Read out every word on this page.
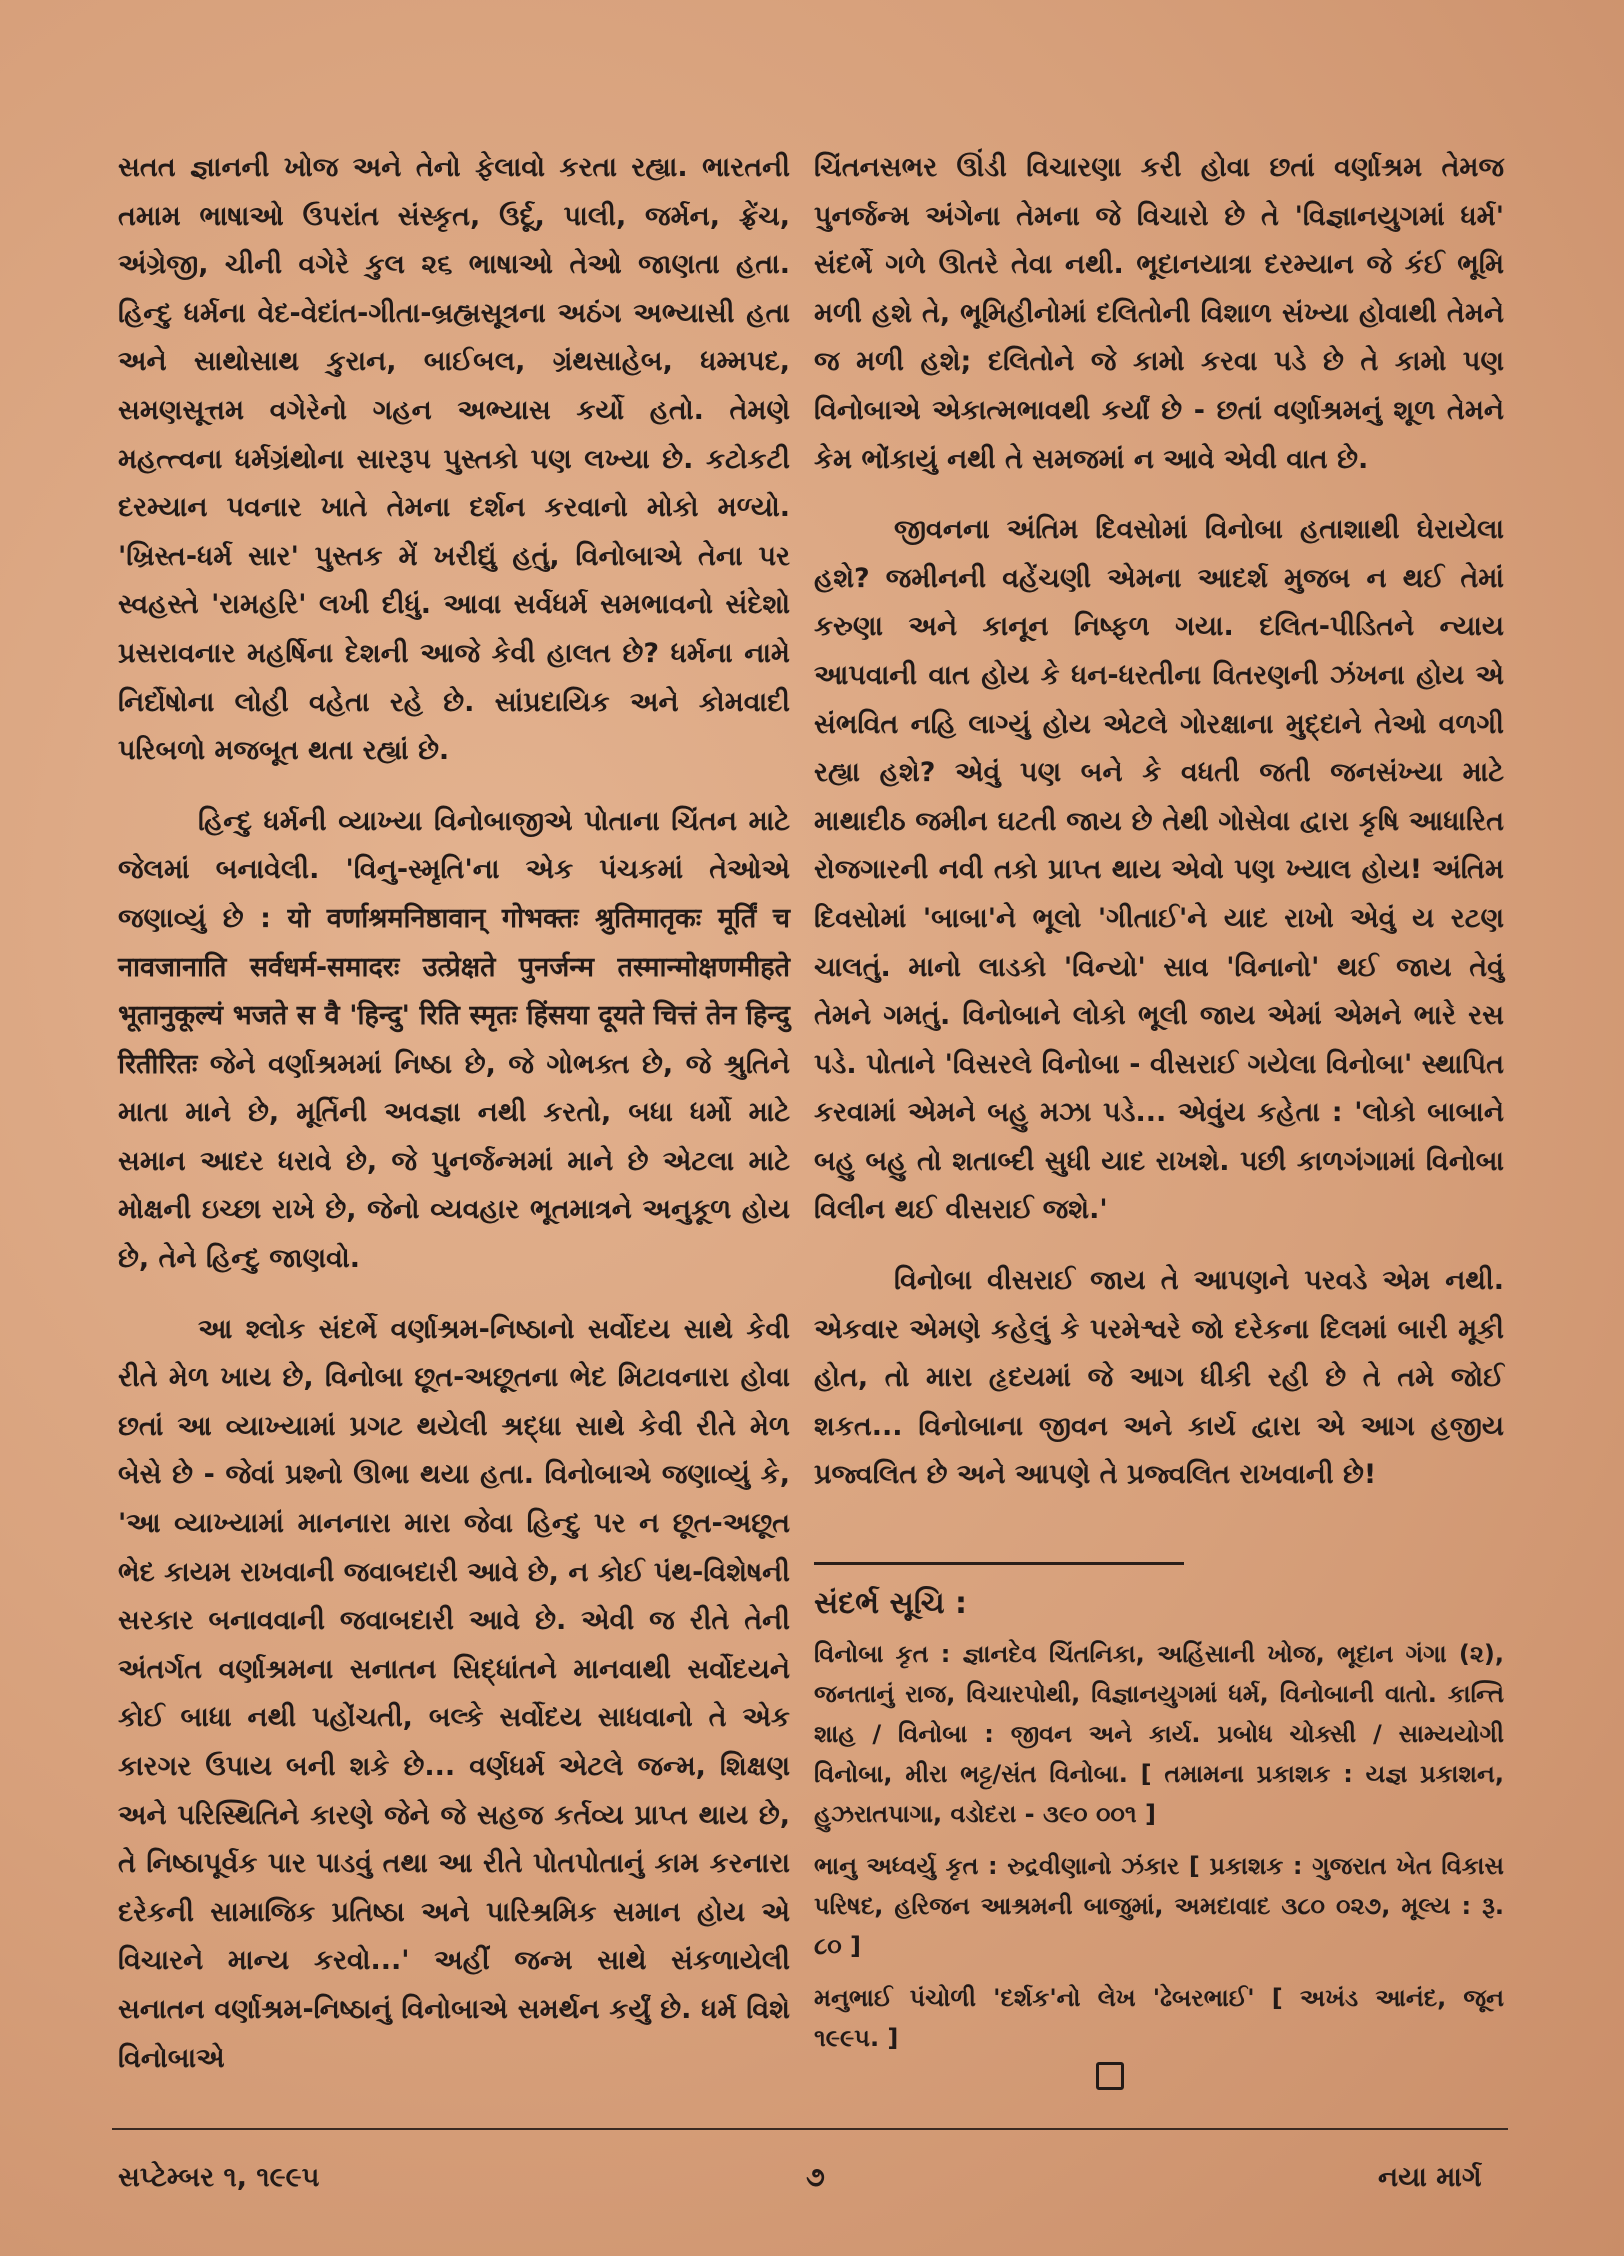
સતત જ્ઞાનની ખોજ અને તેનો ફેલાવો કરતા રહ્યા. ભારતની તમામ ભાષાઓ ઉપરાંત સંસ્કૃત, ઉર્દૂ, પાલી, જર્મન, ફ્રેંચ, અંગ્રેજી, ચીની વગેરે કુલ ૨૬ ભાષાઓ તેઓ જાણતા હતા. હિન્દુ ધર્મના વેદ-વેદાંત-ગીતા-બ્રહ્મસૂત્રના અઠંગ અભ્યાસી હતા અને સાથોસાથ કુરાન, બાઈબલ, ગ્રંથસાહેબ, ધમ્મપદ, સમણસૂત્તમ વગેરેનો ગહન અભ્યાસ કર્યો હતો. તેમણે મહત્ત્વના ધર્મગ્રંથોના સારરૂપ પુસ્તકો પણ લખ્યા છે. કટોકટી દરમ્યાન પવનાર ખાતે તેમના દર્શન કરવાનો મોકો મળ્યો. 'ખ્રિસ્ત-ધર્મ સાર' પુસ્તક મેં ખરીદ્યું હતું, વિનોબાએ તેના પર સ્વહસ્તે 'રામહરિ' લખી દીધું. આવા સર્વધર્મ સમભાવનો સંદેશો પ્રસરાવનાર મહર્ષિના દેશની આજે કેવી હાલત છે? ધર્મના નામે નિર્દોષોના લોહી વહેતા રહે છે. સાંપ્રદાયિક અને કોમવાદી પરિબળો મજબૂત થતા રહ્યાં છે.

હિન્દુ ધર્મની વ્યાખ્યા વિનોબાજીએ પોતાના ચિંતન માટે જેલમાં બનાવેલી. 'વિનુ-સ્મૃતિ'ના એક પંચકમાં તેઓએ જણાવ્યું છે : यो वर्णाश्रमनिष्ठावान् गोभक्तः श्रुतिमातृकः मूर्तिं च नावजानाति सर्वधर्म-समादरः उत्प्रेक्षते पुनर्जन्म तस्मान्मोक्षणमीहते भूतानुकूल्यं भजते स वै 'हिन्दु' रिति स्मृतः हिंसया दूयते चित्तं तेन हिन्दु रितीरितः જેને વર્ણાશ્રમમાં નિષ્ઠા છે, જે ગોભક્ત છે, જે શ્રુતિને માતા માને છે, મૂર્તિની અવજ્ઞા નથી કરતો, બધા ધર્મો માટે સમાન આદર ધરાવે છે, જે પુનર્જન્મમાં માને છે એટલા માટે મોક્ષની ઇચ્છા રાખે છે, જેનો વ્યવહાર ભૂતમાત્રને અનુકૂળ હોય છે, તેને હિન્દુ જાણવો.

આ શ્લોક સંદર્ભે વર્ણાશ્રમ-નિષ્ઠાનો સર્વોદય સાથે કેવી રીતે મેળ ખાય છે, વિનોબા છૂત-અછૂતના ભેદ મિટાવનારા હોવા છતાં આ વ્યાખ્યામાં પ્રગટ થયેલી શ્રદ્ધા સાથે કેવી રીતે મેળ બેસે છે - જેવાં પ્રશ્નો ઊભા થયા હતા. વિનોબાએ જણાવ્યું કે, 'આ વ્યાખ્યામાં માનનારા મારા જેવા હિન્દુ પર ન છૂત-અછૂત ભેદ કાયમ રાખવાની જવાબદારી આવે છે, ન કોઈ પંથ-વિશેષની સરકાર બનાવવાની જવાબદારી આવે છે. એવી જ રીતે તેની અંતર્ગત વર્ણાશ્રમના સનાતન સિદ્ધાંતને માનવાથી સર્વોદયને કોઈ બાધા નથી પહોંચતી, બલ્કે સર્વોદય સાધવાનો તે એક કારગર ઉપાય બની શકે છે... વર્ણધર્મ એટલે જન્મ, શિક્ષણ અને પરિસ્થિતિને કારણે જેને જે સહજ કર્તવ્ય પ્રાપ્ત થાય છે, તે નિષ્ઠાપૂર્વક પાર પાડવું તથા આ રીતે પોતપોતાનું કામ કરનારા દરેકની સામાજિક પ્રતિષ્ઠા અને પારિશ્રમિક સમાન હોય એ વિચારને માન્ય કરવો...' અહીં જન્મ સાથે સંકળાયેલી સનાતન વર્ણાશ્રમ-નિષ્ઠાનું વિનોબાએ સમર્થન કર્યું છે. ધર્મ વિશે વિનોબાએ

ચિંતનસભર ઊંડી વિચારણા કરી હોવા છતાં વર્ણાશ્રમ તેમજ પુનર્જન્મ અંગેના તેમના જે વિચારો છે તે 'વિજ્ઞાનયુગમાં ધર્મ' સંદર્ભે ગળે ઊતરે તેવા નથી. ભૂદાનયાત્રા દરમ્યાન જે કંઈ ભૂમિ મળી હશે તે, ભૂમિહીનોમાં દલિતોની વિશાળ સંખ્યા હોવાથી તેમને જ મળી હશે; દલિતોને જે કામો કરવા પડે છે તે કામો પણ વિનોબાએ એકાત્મભાવથી કર્યાં છે - છતાં વર્ણાશ્રમનું શૂળ તેમને કેમ ભોંકાયું નથી તે સમજમાં ન આવે એવી વાત છે.

જીવનના અંતિમ દિવસોમાં વિનોબા હતાશાથી ઘેરાયેલા હશે? જમીનની વહેંચણી એમના આદર્શ મુજબ ન થઈ તેમાં કરુણા અને કાનૂન નિષ્ફળ ગયા. દલિત-પીડિતને ન્યાય આપવાની વાત હોય કે ધન-ધરતીના વિતરણની ઝંખના હોય એ સંભવિત નહિ લાગ્યું હોય એટલે ગોરક્ષાના મુદ્દાને તેઓ વળગી રહ્યા હશે? એવું પણ બને કે વધતી જતી જનસંખ્યા માટે માથાદીઠ જમીન ઘટતી જાય છે તેથી ગોસેવા દ્વારા કૃષિ આધારિત રોજગારની નવી તકો પ્રાપ્ત થાય એવો પણ ખ્યાલ હોય! અંતિમ દિવસોમાં 'બાબા'ને ભૂલો 'ગીતાઈ'ને યાદ રાખો એવું ય રટણ ચાલતું. માનો લાડકો 'વિન્યો' સાવ 'વિનાનો' થઈ જાય તેવું તેમને ગમતું. વિનોબાને લોકો ભૂલી જાય એમાં એમને ભારે રસ પડે. પોતાને 'વિસરલે વિનોબા - વીસરાઈ ગયેલા વિનોબા' સ્થાપિત કરવામાં એમને બહુ મઝા પડે... એવુંય કહેતા : 'લોકો બાબાને બહુ બહુ તો શતાબ્દી સુધી યાદ રાખશે. પછી કાળગંગામાં વિનોબા વિલીન થઈ વીસરાઈ જશે.'

વિનોબા વીસરાઈ જાય તે આપણને પરવડે એમ નથી. એકવાર એમણે કહેલું કે પરમેશ્વરે જો દરેકના દિલમાં બારી મૂકી હોત, તો મારા હૃદયમાં જે આગ ધીકી રહી છે તે તમે જોઈ શકત... વિનોબાના જીવન અને કાર્ય દ્વારા એ આગ હજીય પ્રજ્વલિત છે અને આપણે તે પ્રજ્વલિત રાખવાની છે!

સંદર્ભ સૂચિ :

વિનોબા કૃત : જ્ઞાનદેવ ચિંતનિકા, અહિંસાની ખોજ, ભૂદાન ગંગા (૨), જનતાનું રાજ, વિચારપોથી, વિજ્ઞાનયુગમાં ધર્મ, વિનોબાની વાતો. કાન્તિ શાહ / વિનોબા : જીવન અને કાર્ય. પ્રબોધ ચોક્સી / સામ્યયોગી વિનોબા, મીરા ભટ્ટ/સંત વિનોબા. [ તમામના પ્રકાશક : યજ્ઞ પ્રકાશન, હુઝરાતપાગા, વડોદરા - ૩૯૦ ૦૦૧ ]

ભાનુ અધ્વર્યુ કૃત : રુદ્રવીણાનો ઝંકાર [ પ્રકાશક : ગુજરાત ખેત વિકાસ પરિષદ, હરિજન આશ્રમની બાજુમાં, અમદાવાદ ૩૮૦ ૦૨૭, મૂલ્ય : રૂ. ૮૦ ]

મનુભાઈ પંચોળી 'દર્શક'નો લેખ 'ઢેબરભાઈ' [ અખંડ આનંદ, જૂન ૧૯૯૫. ]

સપ્ટેમ્બર ૧, ૧૯૯૫	૭	નયા માર્ગ
